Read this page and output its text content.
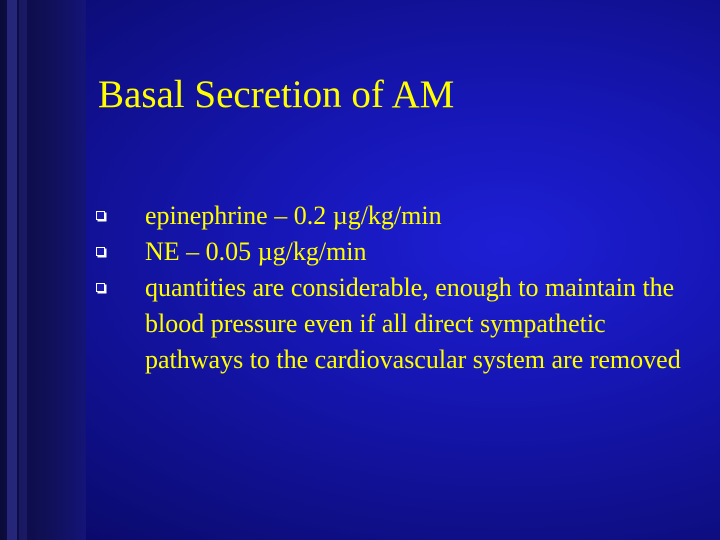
Basal Secretion of AM
epinephrine – 0.2 µg/kg/min
NE – 0.05 µg/kg/min
quantities are considerable, enough to maintain the blood pressure even if all direct sympathetic pathways to the cardiovascular system are removed
